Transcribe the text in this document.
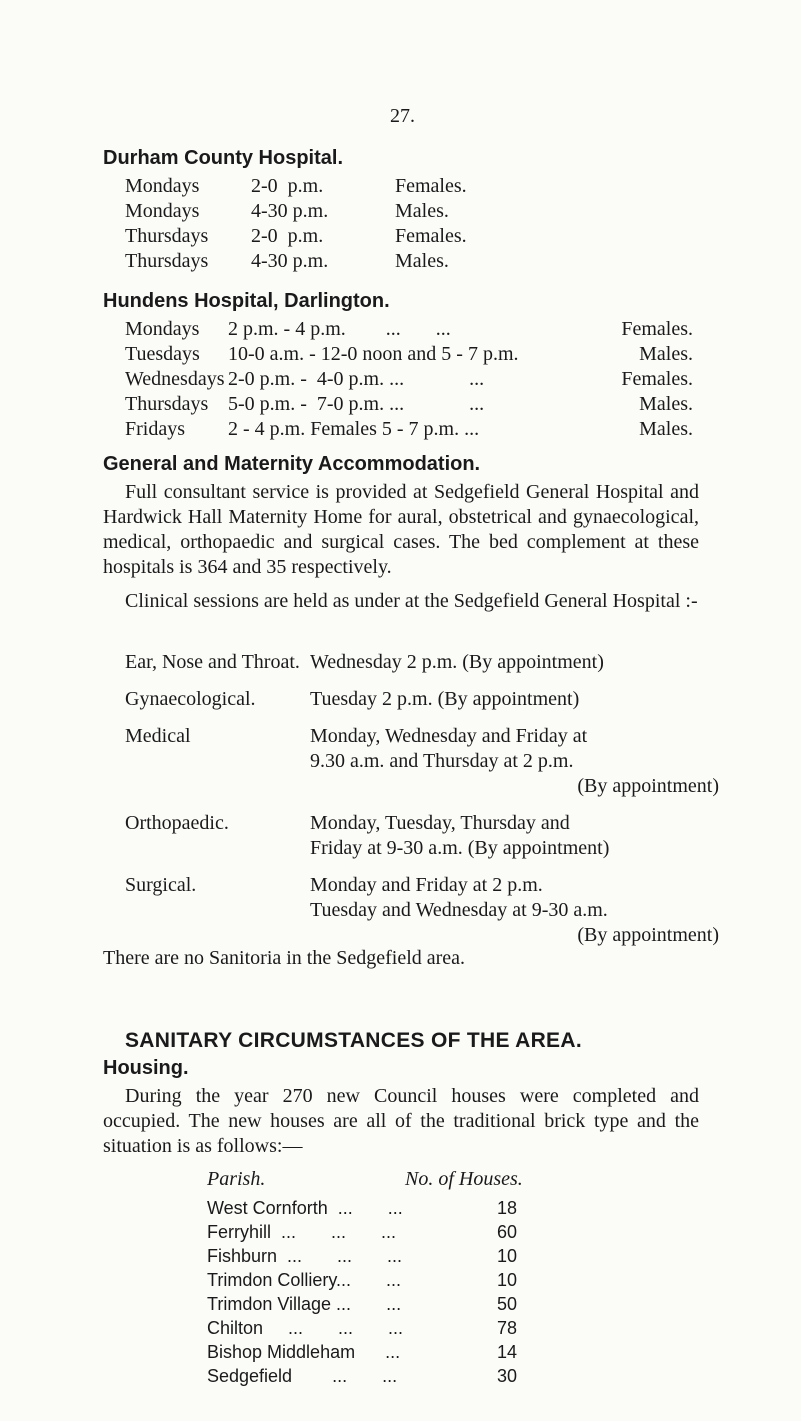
27.
Durham County Hospital.
Mondays	2-0  p.m.	Females.
Mondays	4-30 p.m.	Males.
Thursdays	2-0  p.m.	Females.
Thursdays	4-30 p.m.	Males.
Hundens Hospital, Darlington.
Mondays	2 p.m. - 4 p.m.        ...       ...	Females.
Tuesdays	10-0 a.m. - 12-0 noon and 5 - 7 p.m.	Males.
Wednesdays 2-0 p.m. -  4-0 p.m. ...             ...	Females.
Thursdays 5-0 p.m. -  7-0 p.m. ...             ...	Males.
Fridays	2 - 4 p.m. Females 5 - 7 p.m. ...	Males.
General and Maternity Accommodation.
Full consultant service is provided at Sedgefield General Hospital and Hardwick Hall Maternity Home for aural, obstetrical and gynaecological, medical, orthopaedic and surgical cases. The bed complement at these hospitals is 364 and 35 respectively.
Clinical sessions are held as under at the Sedgefield General Hospital :-
Ear, Nose and Throat. Wednesday 2 p.m. (By appointment)
Gynaecological.	Tuesday 2 p.m. (By appointment)
Medical	Monday, Wednesday and Friday at
9.30 a.m. and Thursday at 2 p.m.
(By appointment)
Orthopaedic.	Monday, Tuesday, Thursday and
Friday at 9-30 a.m. (By appointment)
Surgical.	Monday and Friday at 2 p.m.
Tuesday and Wednesday at 9-30 a.m.
(By appointment)
There are no Sanitoria in the Sedgefield area.
SANITARY CIRCUMSTANCES OF THE AREA.
Housing.
During the year 270 new Council houses were completed and occupied. The new houses are all of the traditional brick type and the situation is as follows:—
Parish.	No. of Houses.
West Cornforth  ...       ...	18
Ferryhill  ...       ...       ...	60
Fishburn  ...       ...       ...	10
Trimdon Colliery...       ...	10
Trimdon Village ...       ...	50
Chilton     ...       ...       ...	78
Bishop Middleham      ...	14
Sedgefield        ...       ...	30
